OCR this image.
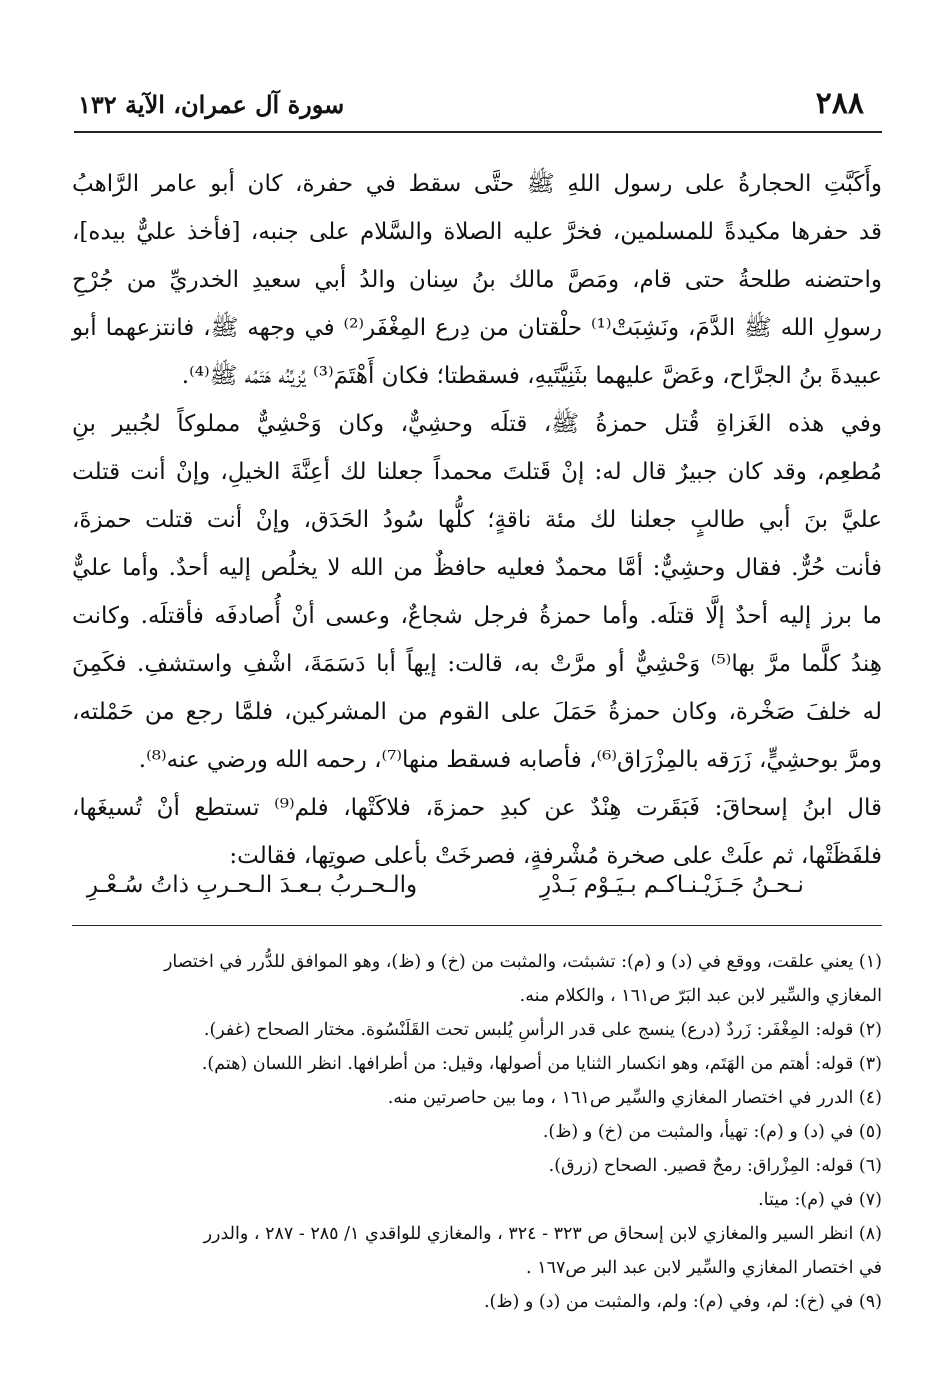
٢٨٨
سورة آل عمران، الآية ١٣٢
وأَكَبَّتِ الحجارةُ على رسول اللهِ ﷺ حتَّى سقط في حفرة، كان أبو عامر الرَّاهبُ
قد حفرها مكيدةً للمسلمين، فخرَّ عليه الصلاة والسَّلام على جنبه، [فأخذ عليٌّ بيده]،
واحتضنه طلحةُ حتى قام، ومَصَّ مالك بنُ سِنان والدُ أبي سعيدِ الخدريِّ من جُرْحِ
رسولِ الله ﷺ الدَّمَ، ونَشِبَتْ⁽¹⁾ حلْقتان من دِرع المِغْفَر⁽²⁾ في وجهه ﷺ، فانتزعهما أبو
عبيدةَ بنُ الجرَّاح، وعَضَّ عليهما بثَنِيَّتَيهِ، فسقطتا؛ فكان أَهْتَمَ⁽³⁾ يُزيِّنُه هَتَمُه ﷺ⁽⁴⁾.
وفي هذه الغَزاةِ قُتل حمزةُ ﷺ، قتلَه وحشِيٌّ، وكان وَحْشِيٌّ مملوكاً لجُبير بنِ
مُطعِم، وقد كان جبيرٌ قال له: إنْ قَتلتَ محمداً جعلنا لك أعِنَّةَ الخيلِ، وإنْ أنت قتلت
عليَّ بنَ أبي طالبٍ جعلنا لك مئة ناقةٍ؛ كلُّها سُودُ الحَدَق، وإنْ أنت قتلت حمزةَ،
فأنت حُرٌّ. فقال وحشِيٌّ: أمَّا محمدٌ فعليه حافظٌ من الله لا يخلُص إليه أحدٌ. وأما عليٌّ
ما برز إليه أحدٌ إلَّا قتلَه. وأما حمزةُ فرجل شجاعٌ، وعسى أنْ أُصادفَه فأقتلَه. وكانت
هِندُ كلَّما مرَّ بها⁽⁵⁾ وَحْشِيٌّ أو مرَّتْ به، قالت: إيهاً أبا دَسَمَةَ، اشْفِ واستشفِ. فكَمِنَ
له خلفَ صَخْرة، وكان حمزةُ حَمَلَ على القوم من المشركين، فلمَّا رجع من حَمْلته،
ومرَّ بوحشِيٍّ، زَرَقه بالمِزْرَاق⁽⁶⁾، فأصابه فسقط منها⁽⁷⁾، رحمه الله ورضي عنه⁽⁸⁾.
قال ابنُ إسحاقَ: فَبَقَرت هِنْدٌ عن كبدِ حمزةَ، فلاكَتْها، فلم⁽⁹⁾ تستطع أنْ تُسيغَها،
فلفَظَتْها، ثم علَتْ على صخرة مُشْرفةٍ، فصرخَتْ بأعلى صوتِها، فقالت:
نـحـنُ جَـزَيْـنـاكـم بـيَـوْم بَـدْرِ
والـحـربُ بـعـدَ الـحـربِ ذاتُ سُـعْـرِ
(١) يعني علقت، ووقع في (د) و (م): تشبثت، والمثبت من (خ) و (ظ)، وهو الموافق للدُّرر في اختصار
المغازي والسِّير لابن عبد البَرّ ص١٦١ ، والكلام منه.
(٢) قوله: المِغْفَر: زَردٌ (درع) ينسج على قدر الرأسِ يُلبس تحت القَلَنْسُوة. مختار الصحاح (غفر).
(٣) قوله: أهتم من الهَتَم، وهو انكسار الثنايا من أصولها، وقيل: من أطرافها. انظر اللسان (هتم).
(٤) الدرر في اختصار المغازي والسِّير ص١٦١ ، وما بين حاصرتين منه.
(٥) في (د) و (م): تهيأ، والمثبت من (خ) و (ظ).
(٦) قوله: المِزْراق: رمحٌ قصير. الصحاح (زرق).
(٧) في (م): ميتا.
(٨) انظر السير والمغازي لابن إسحاق ص ٣٢٣ - ٣٢٤ ، والمغازي للواقدي ١/ ٢٨٥ - ٢٨٧ ، والدرر
في اختصار المغازي والسِّير لابن عبد البر ص١٦٧ .
(٩) في (خ): لم، وفي (م): ولم، والمثبت من (د) و (ظ).
